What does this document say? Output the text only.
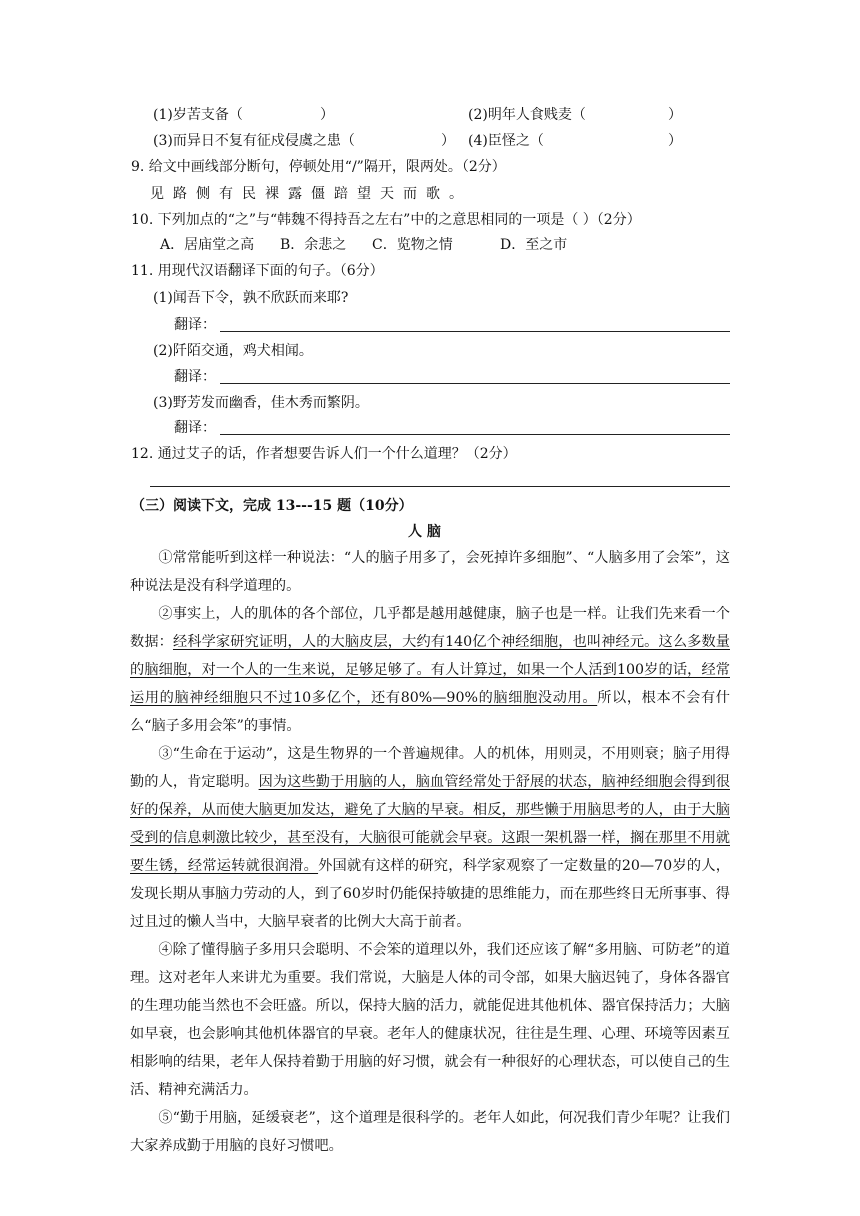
(1)岁苦支备（	）	(2)明年人食贱麦（	）
(3)而异日不复有征戍侵虞之患（	） (4)臣怪之（	）
9. 给文中画线部分断句，停顿处用“/”隔开，限两处。（2分）
见路侧有民裸露僵踣望天而歌。
10. 下列加点的“之”与“韩魏不得持吾之左右”中的之意思相同的一项是（ ）（2分）
A．居庙堂之高 B．余悲之 C．览物之情	D．至之市
11. 用现代汉语翻译下面的句子。（6分）
(1)闻吾下令，孰不欣跃而来耶?
翻译：
(2)阡陌交通，鸡犬相闻。
翻译：
(3)野芳发而幽香，佳木秀而繁阴。
翻译：
12. 通过艾子的话，作者想要告诉人们一个什么道理？（2分）
（三）阅读下文，完成 13---15 题（10分）
人 脑

①常常能听到这样一种说法：“人的脑子用多了，会死掉许多细胞”、“人脑多用了会笨”，这种说法是没有科学道理的。

②事实上，人的肌体的各个部位，几乎都是越用越健康，脑子也是一样。让我们先来看一个数据：经科学家研究证明，人的大脑皮层，大约有140亿个神经细胞，也叫神经元。这么多数量的脑细胞，对一个人的一生来说，足够足够了。有人计算过，如果一个人活到100岁的话，经常运用的脑神经细胞只不过10多亿个，还有80%—90%的脑细胞没动用。所以，根本不会有什么“脑子多用会笨”的事情。

③“生命在于运动”，这是生物界的一个普遍规律。人的机体，用则灵，不用则衰；脑子用得勤的人，肯定聪明。因为这些勤于用脑的人，脑血管经常处于舒展的状态，脑神经细胞会得到很好的保养，从而使大脑更加发达，避免了大脑的早衰。相反，那些懒于用脑思考的人，由于大脑受到的信息刺激比较少，甚至没有，大脑很可能就会早衰。这跟一架机器一样，搁在那里不用就要生锈，经常运转就很润滑。外国就有这样的研究，科学家观察了一定数量的20—70岁的人，发现长期从事脑力劳动的人，到了60岁时仍能保持敏捷的思维能力，而在那些终日无所事事、得过且过的懒人当中，大脑早衰者的比例大大高于前者。

④除了懂得脑子多用只会聪明、不会笨的道理以外，我们还应该了解“多用脑、可防老”的道理。这对老年人来讲尤为重要。我们常说，大脑是人体的司令部，如果大脑迟钝了，身体各器官的生理功能当然也不会旺盛。所以，保持大脑的活力，就能促进其他机体、器官保持活力；大脑如早衰，也会影响其他机体器官的早衰。老年人的健康状况，往往是生理、心理、环境等因素互相影响的结果，老年人保持着勤于用脑的好习惯，就会有一种很好的心理状态，可以使自己的生活、精神充满活力。

⑤“勤于用脑，延缓衰老”，这个道理是很科学的。老年人如此，何况我们青少年呢？让我们大家养成勤于用脑的良好习惯吧。
